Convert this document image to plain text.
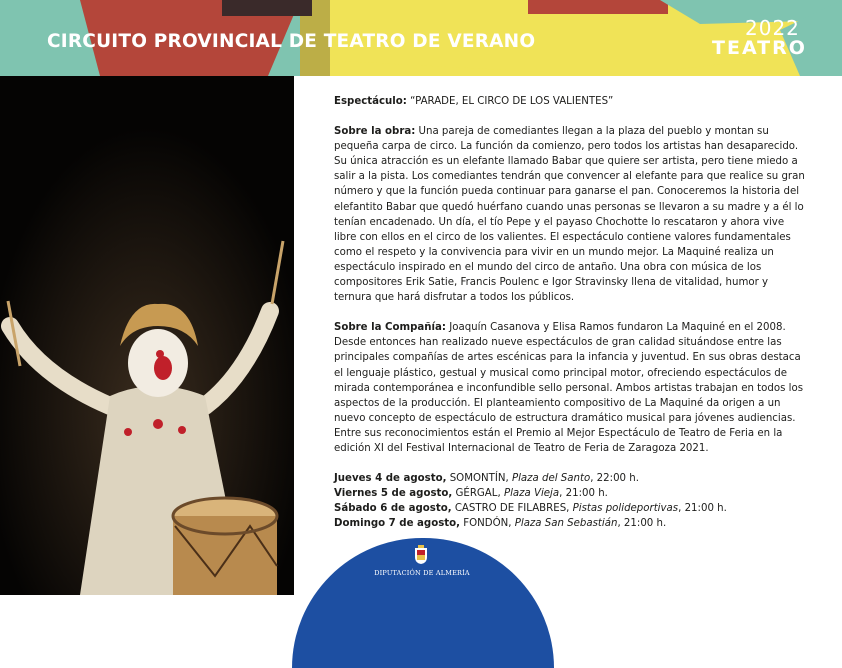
CIRCUITO PROVINCIAL DE TEATRO DE VERANO
2022
TEATRO

Espectáculo: “PARADE, EL CIRCO DE LOS VALIENTES”

Sobre la obra: Una pareja de comediantes llegan a la plaza del pueblo y montan su pequeña carpa de circo. La función da comienzo, pero todos los artistas han desaparecido. Su única atracción es un elefante llamado Babar que quiere ser artista, pero tiene miedo a salir a la pista. Los comediantes tendrán que convencer al elefante para que realice su gran número y que la función pueda continuar para ganarse el pan. Conoceremos la historia del elefantito Babar que quedó huérfano cuando unas personas se llevaron a su madre y a él lo tenían encadenado. Un día, el tío Pepe y el payaso Chochotte lo rescataron y ahora vive libre con ellos en el circo de los valientes. El espectáculo contiene valores fundamentales como el respeto y la convivencia para vivir en un mundo mejor. La Maquiné realiza un espectáculo inspirado en el mundo del circo de antaño. Una obra con música de los compositores Erik Satie, Francis Poulenc e Igor Stravinsky llena de vitalidad, humor y ternura que hará disfrutar a todos los públicos.

Sobre la Compañía: Joaquín Casanova y Elisa Ramos fundaron La Maquiné en el 2008. Desde entonces han realizado nueve espectáculos de gran calidad situándose entre las principales compañías de artes escénicas para la infancia y juventud. En sus obras destaca el lenguaje plástico, gestual y musical como principal motor, ofreciendo espectáculos de mirada contemporánea e inconfundible sello personal. Ambos artistas trabajan en todos los aspectos de la producción. El planteamiento compositivo de La Maquiné da origen a un nuevo concepto de espectáculo de estructura dramático musical para jóvenes audiencias.

Entre sus reconocimientos están el Premio al Mejor Espectáculo de Teatro de Feria en la edición XI del Festival Internacional de Teatro de Feria de Zaragoza 2021.

Jueves 4 de agosto, SOMONTÍN, Plaza del Santo, 22:00 h.

Viernes 5 de agosto, GÉRGAL, Plaza Vieja, 21:00 h.

Sábado 6 de agosto, CASTRO DE FILABRES, Pistas polideportivas, 21:00 h.

Domingo 7 de agosto, FONDÓN, Plaza San Sebastián, 21:00 h.

DIPUTACIÓN DE ALMERÍA
